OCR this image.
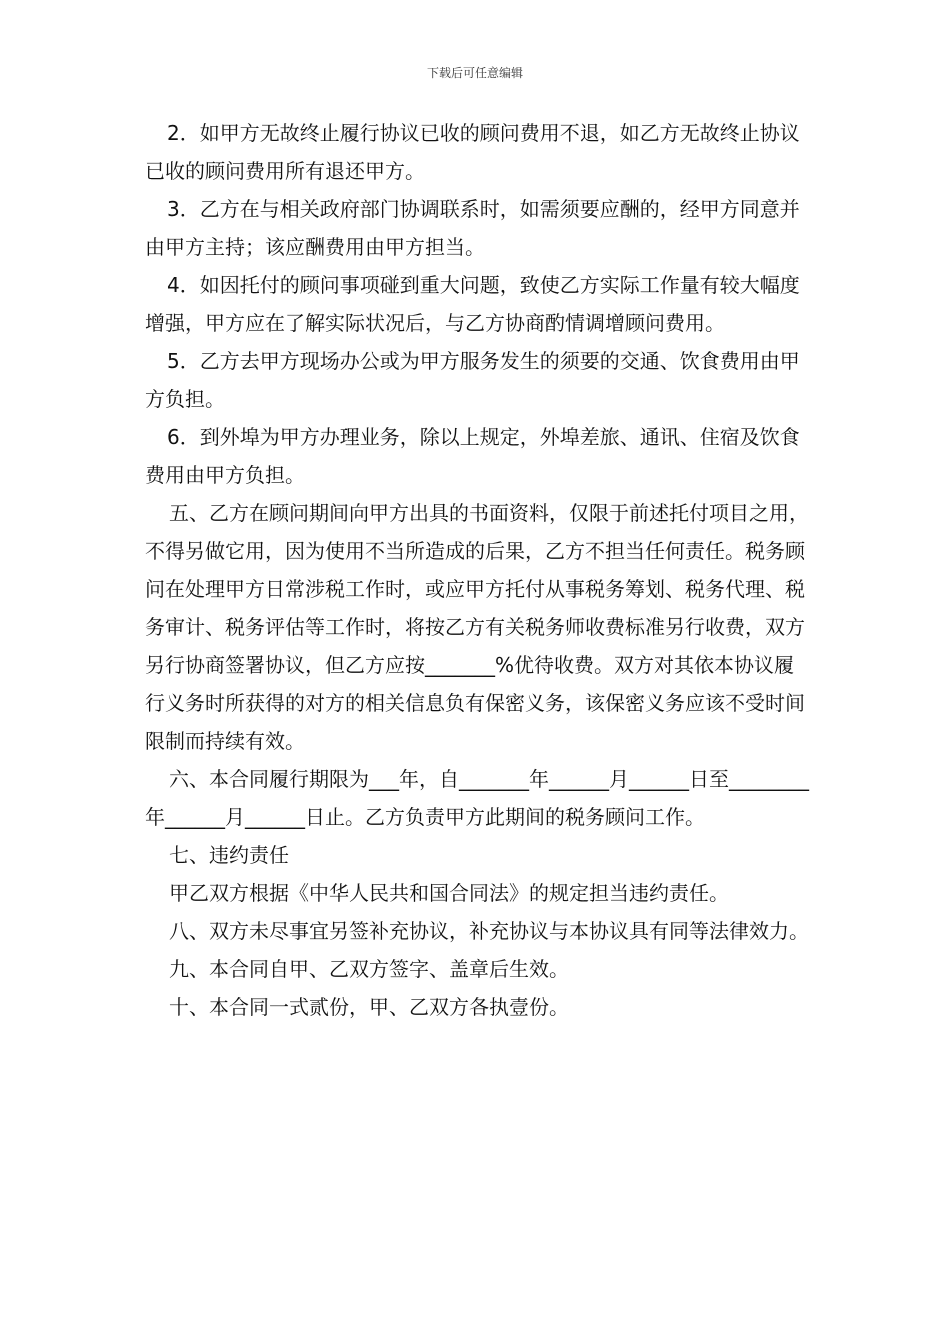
下载后可任意编辑

2．如甲方无故终止履行协议已收的顾问费用不退，如乙方无故终止协议已收的顾问费用所有退还甲方。

3．乙方在与相关政府部门协调联系时，如需须要应酬的，经甲方同意并由甲方主持；该应酬费用由甲方担当。

4．如因托付的顾问事项碰到重大问题，致使乙方实际工作量有较大幅度增强，甲方应在了解实际状况后，与乙方协商酌情调增顾问费用。

5．乙方去甲方现场办公或为甲方服务发生的须要的交通、饮食费用由甲方负担。

6．到外埠为甲方办理业务，除以上规定，外埠差旅、通讯、住宿及饮食费用由甲方负担。

五、乙方在顾问期间向甲方出具的书面资料，仅限于前述托付项目之用，不得另做它用，因为使用不当所造成的后果，乙方不担当任何责任。税务顾问在处理甲方日常涉税工作时，或应甲方托付从事税务筹划、税务代理、税务审计、税务评估等工作时，将按乙方有关税务师收费标准另行收费，双方另行协商签署协议，但乙方应按_______%优待收费。双方对其依本协议履行义务时所获得的对方的相关信息负有保密义务，该保密义务应该不受时间限制而持续有效。

六、本合同履行期限为___年，自_______年______月______日至________年______月______日止。乙方负责甲方此期间的税务顾问工作。

七、违约责任

甲乙双方根据《中华人民共和国合同法》的规定担当违约责任。

八、双方未尽事宜另签补充协议，补充协议与本协议具有同等法律效力。

九、本合同自甲、乙双方签字、盖章后生效。

十、本合同一式贰份，甲、乙双方各执壹份。
